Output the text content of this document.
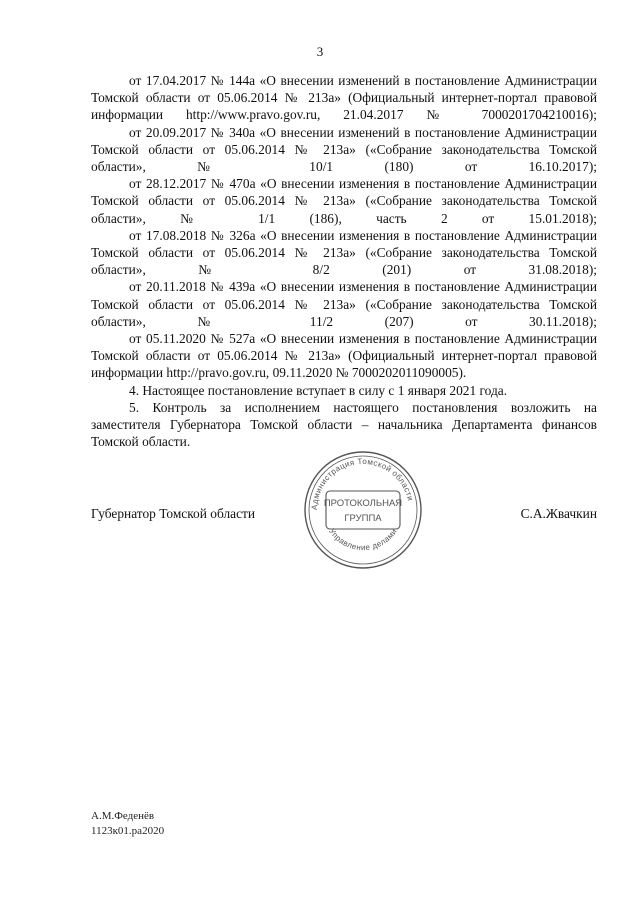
3

от 17.04.2017 № 144а «О внесении изменений в постановление Администрации Томской области от 05.06.2014 № 213а» (Официальный интернет-портал правовой информации http://www.pravo.gov.ru, 21.04.2017 № 7000201704210016);

от 20.09.2017 № 340а «О внесении изменений в постановление Администрации Томской области от 05.06.2014 № 213а» («Собрание законодательства Томской области», № 10/1 (180) от 16.10.2017);

от 28.12.2017 № 470а «О внесении изменения в постановление Администрации Томской области от 05.06.2014 № 213а» («Собрание законодательства Томской области», № 1/1 (186), часть 2 от 15.01.2018);

от 17.08.2018 № 326а «О внесении изменения в постановление Администрации Томской области от 05.06.2014 № 213а» («Собрание законодательства Томской области», № 8/2 (201) от 31.08.2018);

от 20.11.2018 № 439а «О внесении изменения в постановление Администрации Томской области от 05.06.2014 № 213а» («Собрание законодательства Томской области», № 11/2 (207) от 30.11.2018);

от 05.11.2020 № 527а «О внесении изменения в постановление Администрации Томской области от 05.06.2014 № 213а» (Официальный интернет-портал правовой информации http://pravo.gov.ru, 09.11.2020 № 7000202011090005).

4. Настоящее постановление вступает в силу с 1 января 2021 года.

5. Контроль за исполнением настоящего постановления возложить на заместителя Губернатора Томской области – начальника Департамента финансов Томской области.

Губернатор Томской области	С.А.Жвачкин
Администрация Томской области
Управление делами
ПРОТОКОЛЬНАЯ
ГРУППА
А.М.Феденёв
1123к01.ра2020
